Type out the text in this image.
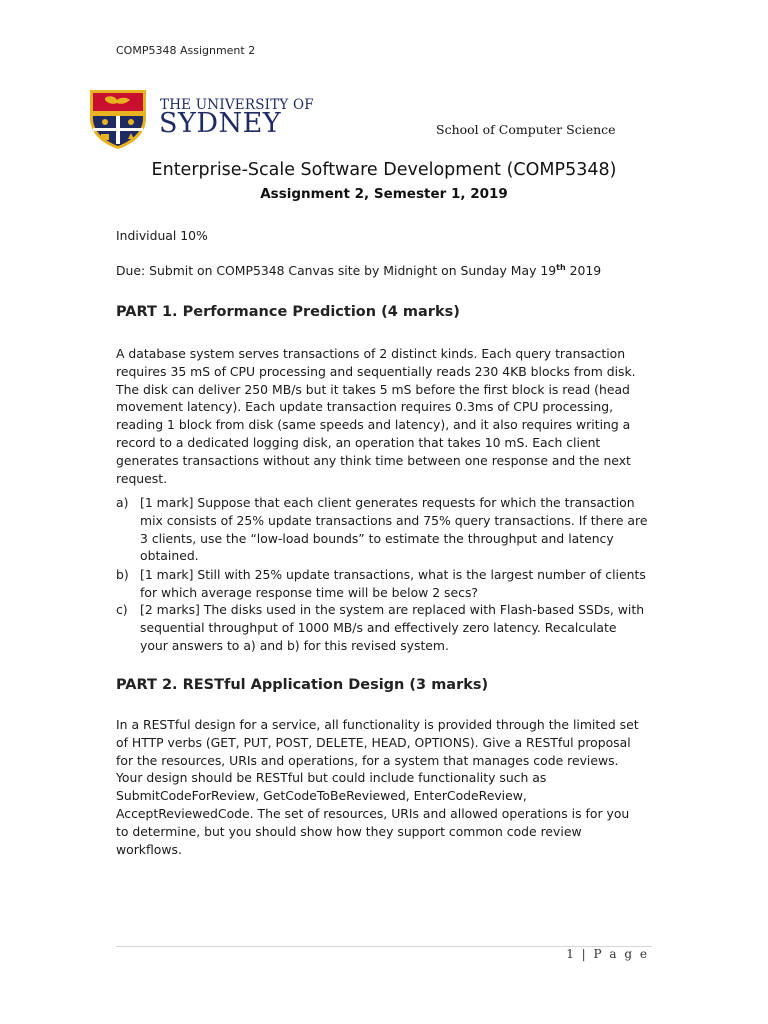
COMP5348 Assignment 2
THE UNIVERSITY OF
SYDNEY	School of Computer Science
Enterprise-Scale Software Development (COMP5348)
Assignment 2, Semester 1, 2019
Individual 10%
Due: Submit on COMP5348 Canvas site by Midnight on Sunday May 19th 2019
PART 1. Performance Prediction (4 marks)
A database system serves transactions of 2 distinct kinds. Each query transaction
requires 35 mS of CPU processing and sequentially reads 230 4KB blocks from disk.
The disk can deliver 250 MB/s but it takes 5 mS before the first block is read (head
movement latency). Each update transaction requires 0.3ms of CPU processing,
reading 1 block from disk (same speeds and latency), and it also requires writing a
record to a dedicated logging disk, an operation that takes 10 mS. Each client
generates transactions without any think time between one response and the next
request.
a) [1 mark] Suppose that each client generates requests for which the transaction
mix consists of 25% update transactions and 75% query transactions. If there are
3 clients, use the “low-load bounds” to estimate the throughput and latency
obtained.
b) [1 mark] Still with 25% update transactions, what is the largest number of clients
for which average response time will be below 2 secs?
c) [2 marks] The disks used in the system are replaced with Flash-based SSDs, with
sequential throughput of 1000 MB/s and effectively zero latency. Recalculate
your answers to a) and b) for this revised system.
PART 2. RESTful Application Design (3 marks)
In a RESTful design for a service, all functionality is provided through the limited set
of HTTP verbs (GET, PUT, POST, DELETE, HEAD, OPTIONS). Give a RESTful proposal
for the resources, URIs and operations, for a system that manages code reviews.
Your design should be RESTful but could include functionality such as
SubmitCodeForReview, GetCodeToBeReviewed, EnterCodeReview,
AcceptReviewedCode. The set of resources, URIs and allowed operations is for you
to determine, but you should show how they support common code review
workflows.
1 | P a g e
